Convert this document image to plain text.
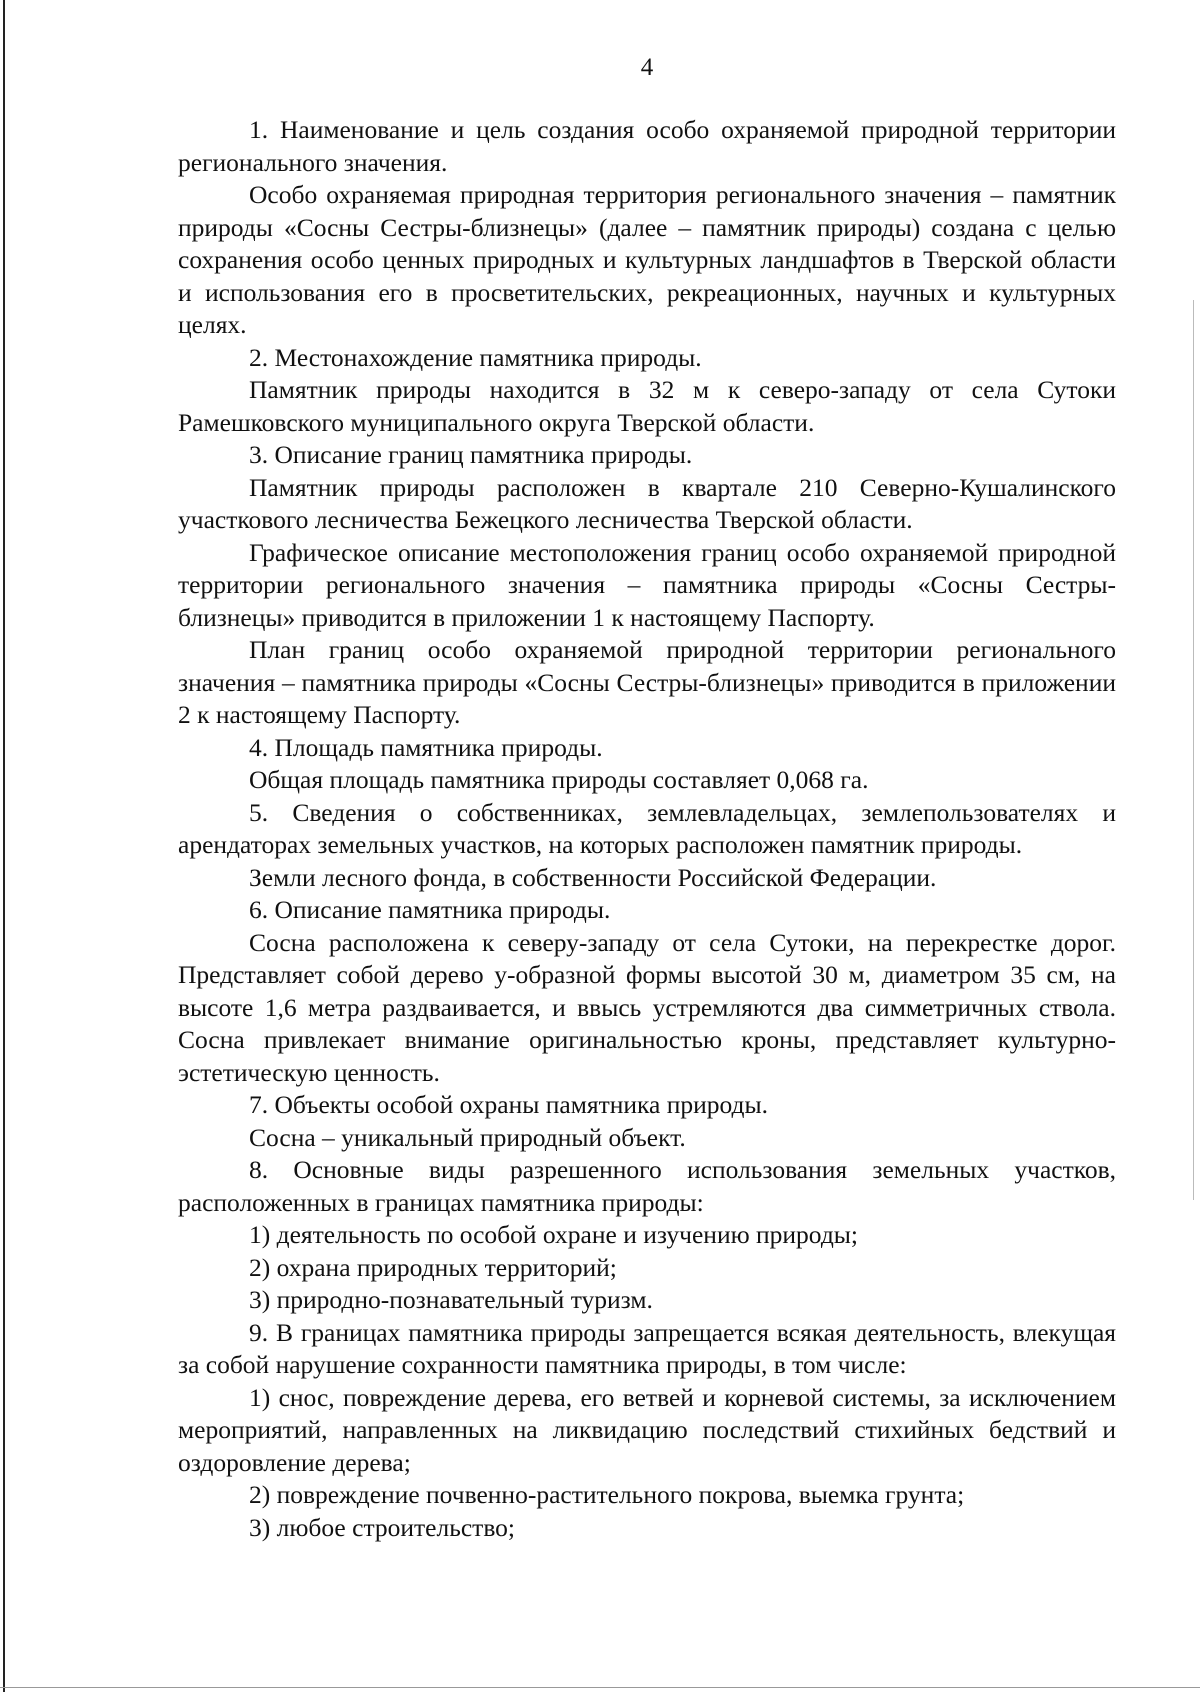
4

1. Наименование и цель создания особо охраняемой природной территории регионального значения.

Особо охраняемая природная территория регионального значения – памятник природы «Сосны Сестры-близнецы» (далее – памятник природы) создана с целью сохранения особо ценных природных и культурных ландшафтов в Тверской области и использования его в просветительских, рекреационных, научных и культурных целях.

2. Местонахождение памятника природы.

Памятник природы находится в 32 м к северо-западу от села Сутоки Рамешковского муниципального округа Тверской области.

3. Описание границ памятника природы.

Памятник природы расположен в квартале 210 Северно-Кушалинского участкового лесничества Бежецкого лесничества Тверской области.

Графическое описание местоположения границ особо охраняемой природной территории регионального значения – памятника природы «Сосны Сестры-близнецы» приводится в приложении 1 к настоящему Паспорту.

План границ особо охраняемой природной территории регионального значения – памятника природы «Сосны Сестры-близнецы» приводится в приложении 2 к настоящему Паспорту.

4. Площадь памятника природы.

Общая площадь памятника природы составляет 0,068 га.

5. Сведения о собственниках, землевладельцах, землепользователях и арендаторах земельных участков, на которых расположен памятник природы.

Земли лесного фонда, в собственности Российской Федерации.

6. Описание памятника природы.

Сосна расположена к северу-западу от села Сутоки, на перекрестке дорог. Представляет собой дерево у-образной формы высотой 30 м, диаметром 35 см, на высоте 1,6 метра раздваивается, и ввысь устремляются два симметричных ствола. Сосна привлекает внимание оригинальностью кроны, представляет культурно-эстетическую ценность.

7. Объекты особой охраны памятника природы.

Сосна – уникальный природный объект.

8. Основные виды разрешенного использования земельных участков, расположенных в границах памятника природы:

1) деятельность по особой охране и изучению природы;

2) охрана природных территорий;

3) природно-познавательный туризм.

9. В границах памятника природы запрещается всякая деятельность, влекущая за собой нарушение сохранности памятника природы, в том числе:

1) снос, повреждение дерева, его ветвей и корневой системы, за исключением мероприятий, направленных на ликвидацию последствий стихийных бедствий и оздоровление дерева;

2) повреждение почвенно-растительного покрова, выемка грунта;

3) любое строительство;
